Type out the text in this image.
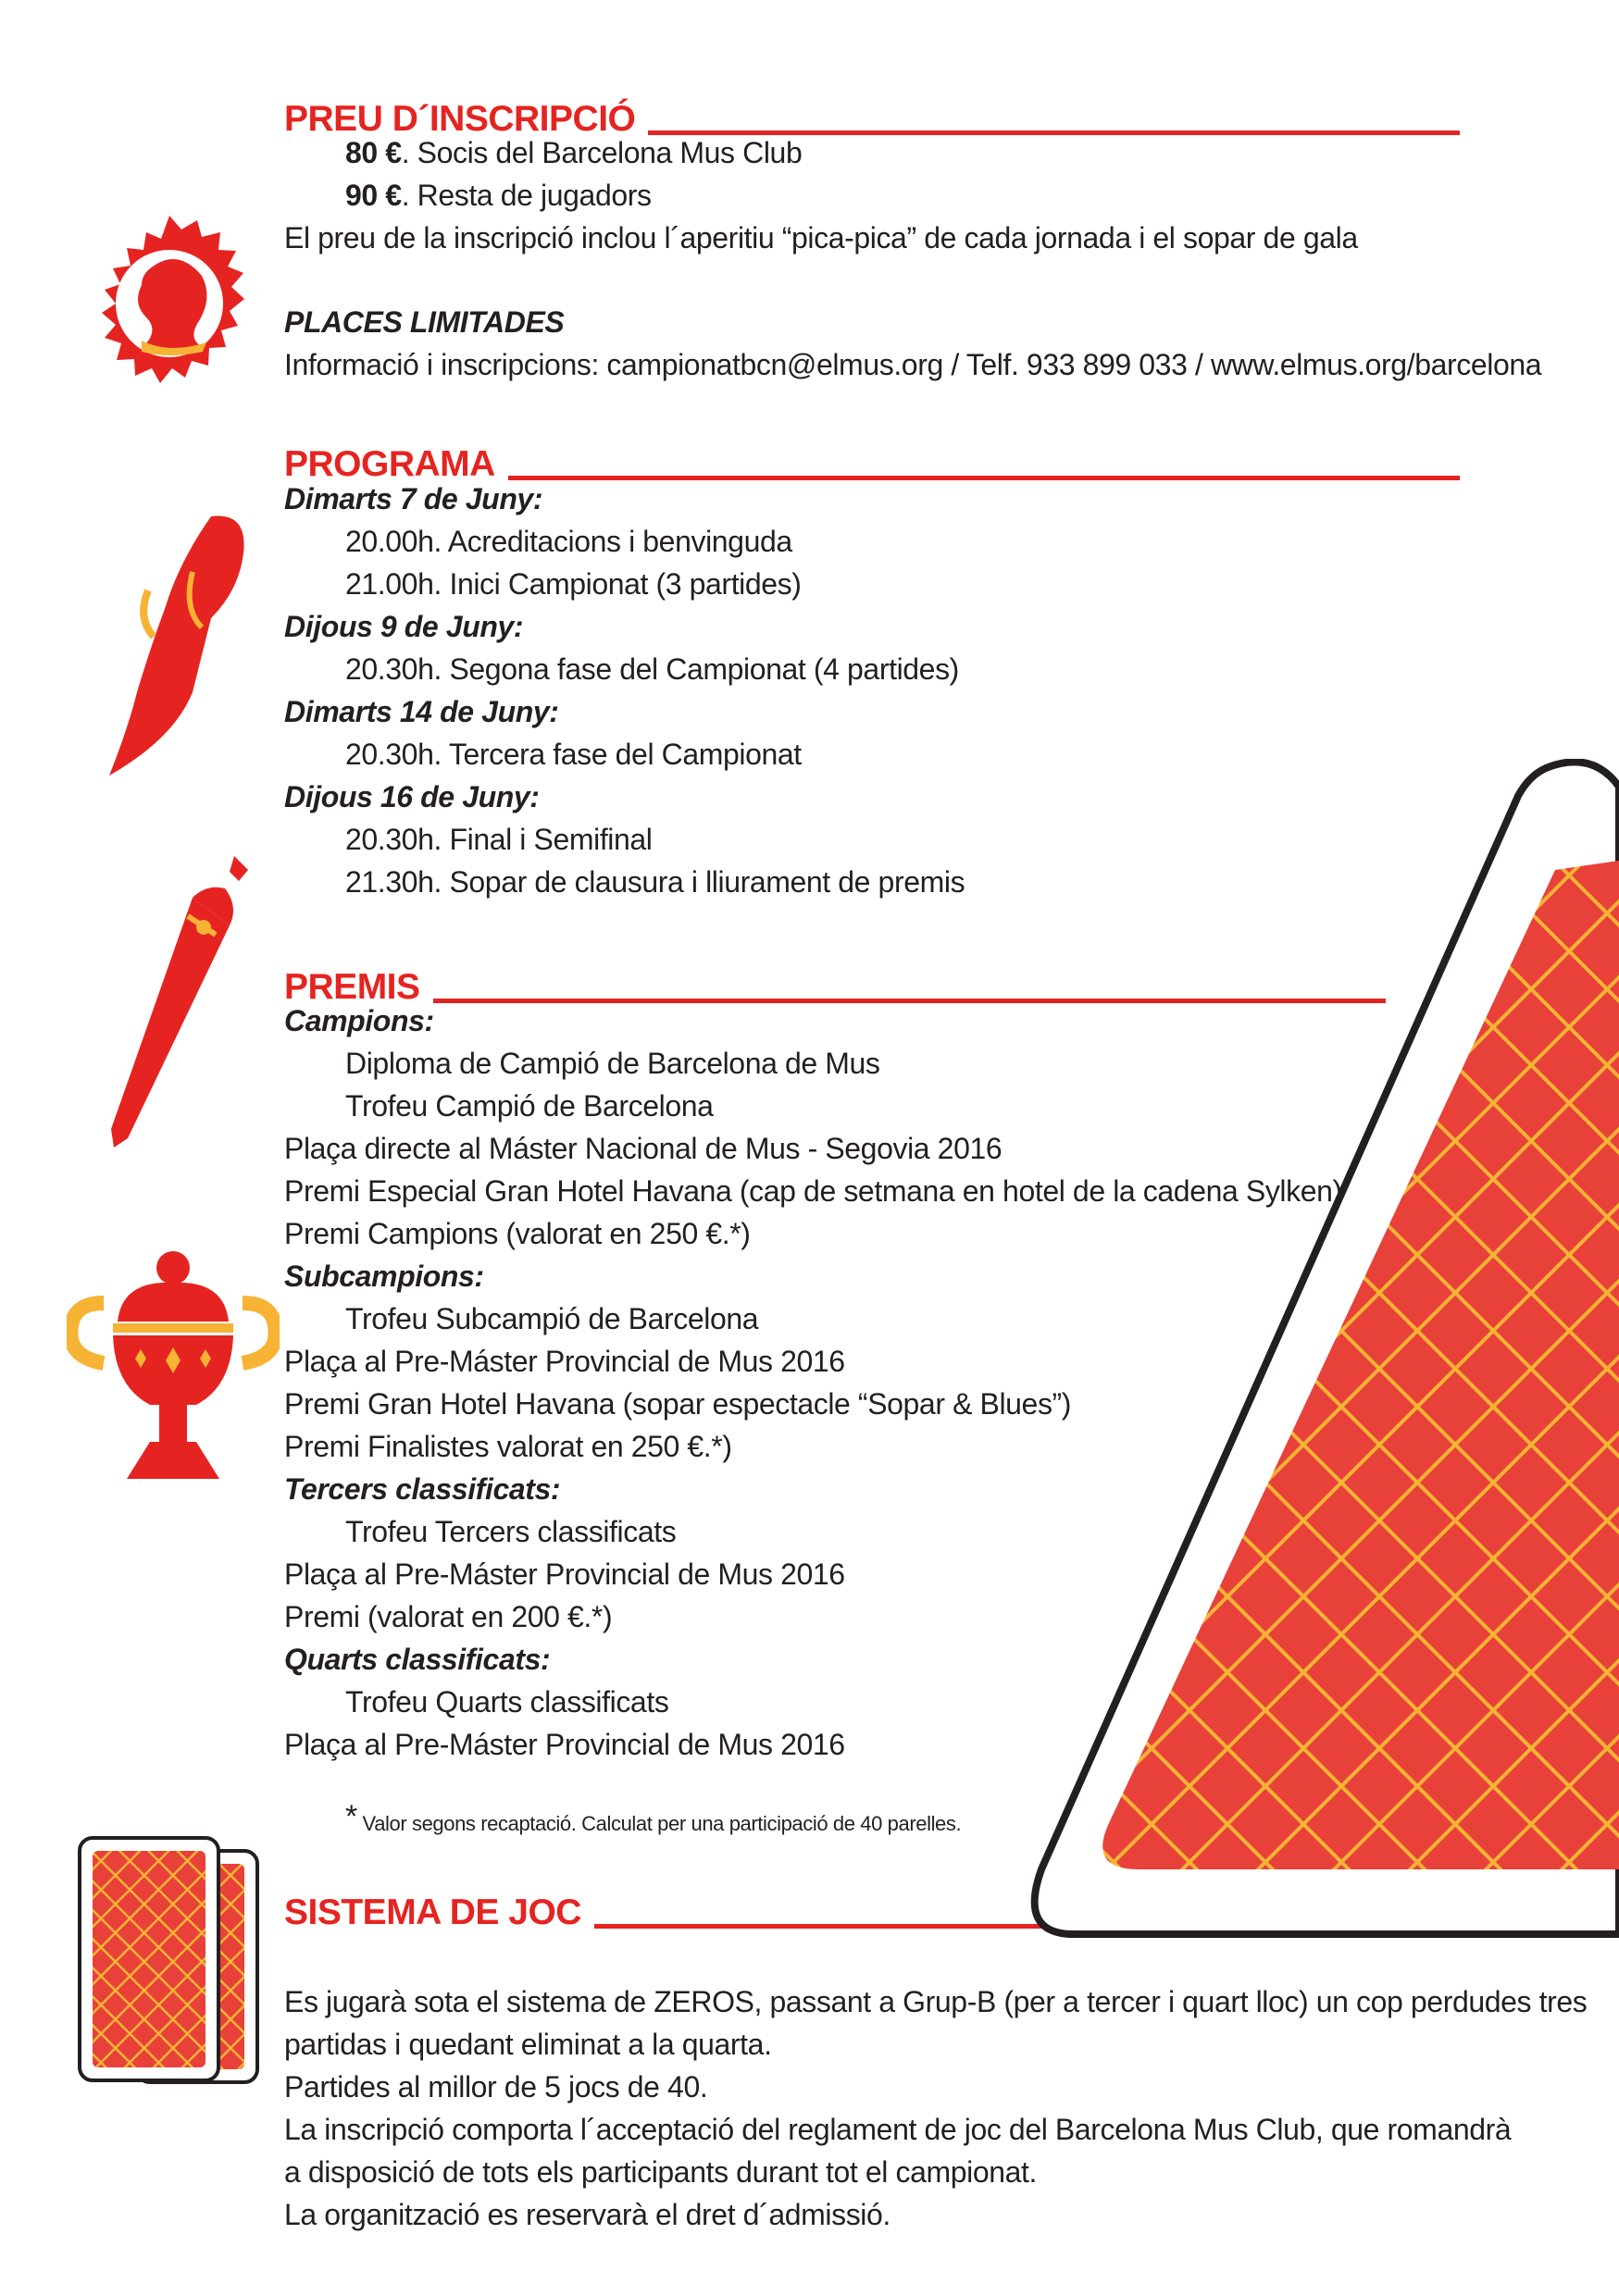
PREU D´INSCRIPCIÓ
80 €. Socis del Barcelona Mus Club
90 €. Resta de jugadors
El preu de la inscripció inclou l´aperitiu “pica-pica” de cada jornada i el sopar de gala
PLACES LIMITADES
Informació i inscripcions: campionatbcn@elmus.org / Telf. 933 899 033 / www.elmus.org/barcelona
PROGRAMA
Dimarts 7 de Juny:
20.00h. Acreditacions i benvinguda
21.00h. Inici Campionat (3 partides)
Dijous 9 de Juny:
20.30h. Segona fase del Campionat (4 partides)
Dimarts 14 de Juny:
20.30h. Tercera fase del Campionat
Dijous 16 de Juny:
20.30h. Final i Semifinal
21.30h. Sopar de clausura i lliurament de premis
PREMIS
Campions:
Diploma de Campió de Barcelona de Mus
Trofeu Campió de Barcelona
Plaça directe al Máster Nacional de Mus - Segovia 2016
Premi Especial Gran Hotel Havana (cap de setmana en hotel de la cadena Sylken)
Premi Campions (valorat en 250 €.*)
Subcampions:
Trofeu Subcampió de Barcelona
Plaça al Pre-Máster Provincial de Mus 2016
Premi Gran Hotel Havana (sopar espectacle “Sopar & Blues”)
Premi Finalistes valorat en 250 €.*)
Tercers classificats:
Trofeu Tercers classificats
Plaça al Pre-Máster Provincial de Mus 2016
Premi (valorat en 200 €.*)
Quarts classificats:
Trofeu Quarts classificats
Plaça al Pre-Máster Provincial de Mus 2016
* Valor segons recaptació. Calculat per una participació de 40 parelles.
SISTEMA DE JOC
Es jugarà sota el sistema de ZEROS, passant a Grup-B (per a tercer i quart lloc) un cop perdudes tres
partidas i quedant eliminat a la quarta.
Partides al millor de 5 jocs de 40.
La inscripció comporta l´acceptació del reglament de joc del Barcelona Mus Club, que romandrà
a disposició de tots els participants durant tot el campionat.
La organització es reservarà el dret d´admissió.
